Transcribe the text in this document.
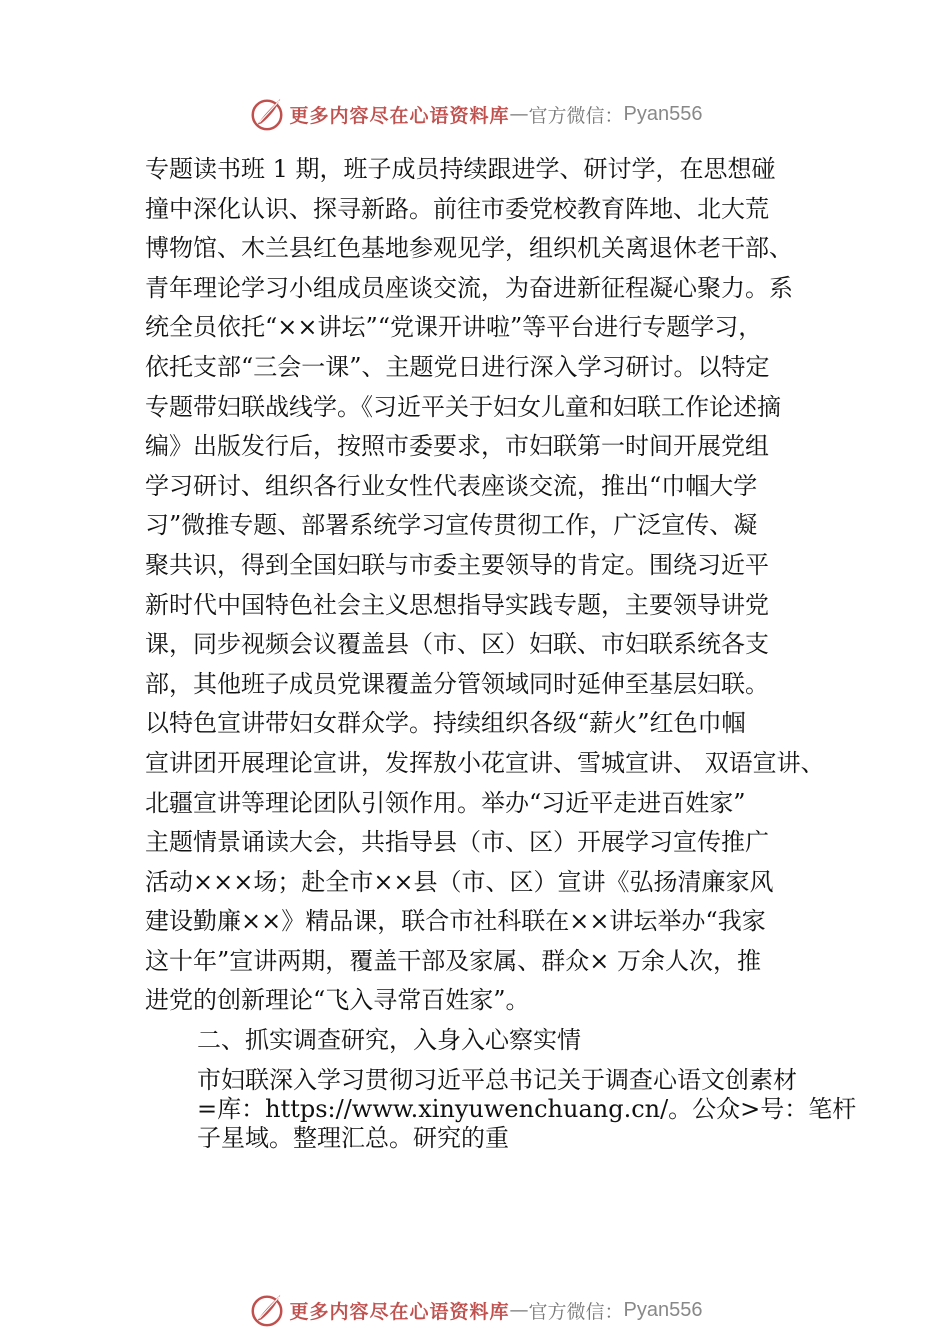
更多内容尽在心语资料库 — 官方微信： Pyan556
专题读书班 1 期，班子成员持续跟进学、研讨学，在思想碰
撞中深化认识、探寻新路。前往市委党校教育阵地、北大荒
博物馆、木兰县红色基地参观见学，组织机关离退休老干部、
青年理论学习小组成员座谈交流，为奋进新征程凝心聚力。系
统全员依托“××讲坛”“党课开讲啦”等平台进行专题学习，
依托支部“三会一课”、主题党日进行深入学习研讨。以特定
专题带妇联战线学。《习近平关于妇女儿童和妇联工作论述摘
编》出版发行后，按照市委要求，市妇联第一时间开展党组
学习研讨、组织各行业女性代表座谈交流，推出“巾帼大学
习”微推专题、部署系统学习宣传贯彻工作，广泛宣传、凝
聚共识，得到全国妇联与市委主要领导的肯定。围绕习近平
新时代中国特色社会主义思想指导实践专题，主要领导讲党
课，同步视频会议覆盖县（市、区）妇联、市妇联系统各支
部，其他班子成员党课覆盖分管领域同时延伸至基层妇联。
以特色宣讲带妇女群众学。持续组织各级“薪火”红色巾帼
宣讲团开展理论宣讲，发挥敖小花宣讲、雪城宣讲、 双语宣讲、
北疆宣讲等理论团队引领作用。举办“习近平走进百姓家”
主题情景诵读大会，共指导县（市、区）开展学习宣传推广
活动×××场；赴全市××县（市、区）宣讲《弘扬清廉家风
建设勤廉××》精品课，联合市社科联在××讲坛举办“我家
这十年”宣讲两期，覆盖干部及家属、群众× 万余人次，推
进党的创新理论“飞入寻常百姓家”。
二、抓实调查研究，入身入心察实情
市妇联深入学习贯彻习近平总书记关于调查心语文创素材
=库：https://www.xinyuwenchuang.cn/。公众>号：笔杆
子星域。整理汇总。研究的重
更多内容尽在心语资料库 — 官方微信： Pyan556
